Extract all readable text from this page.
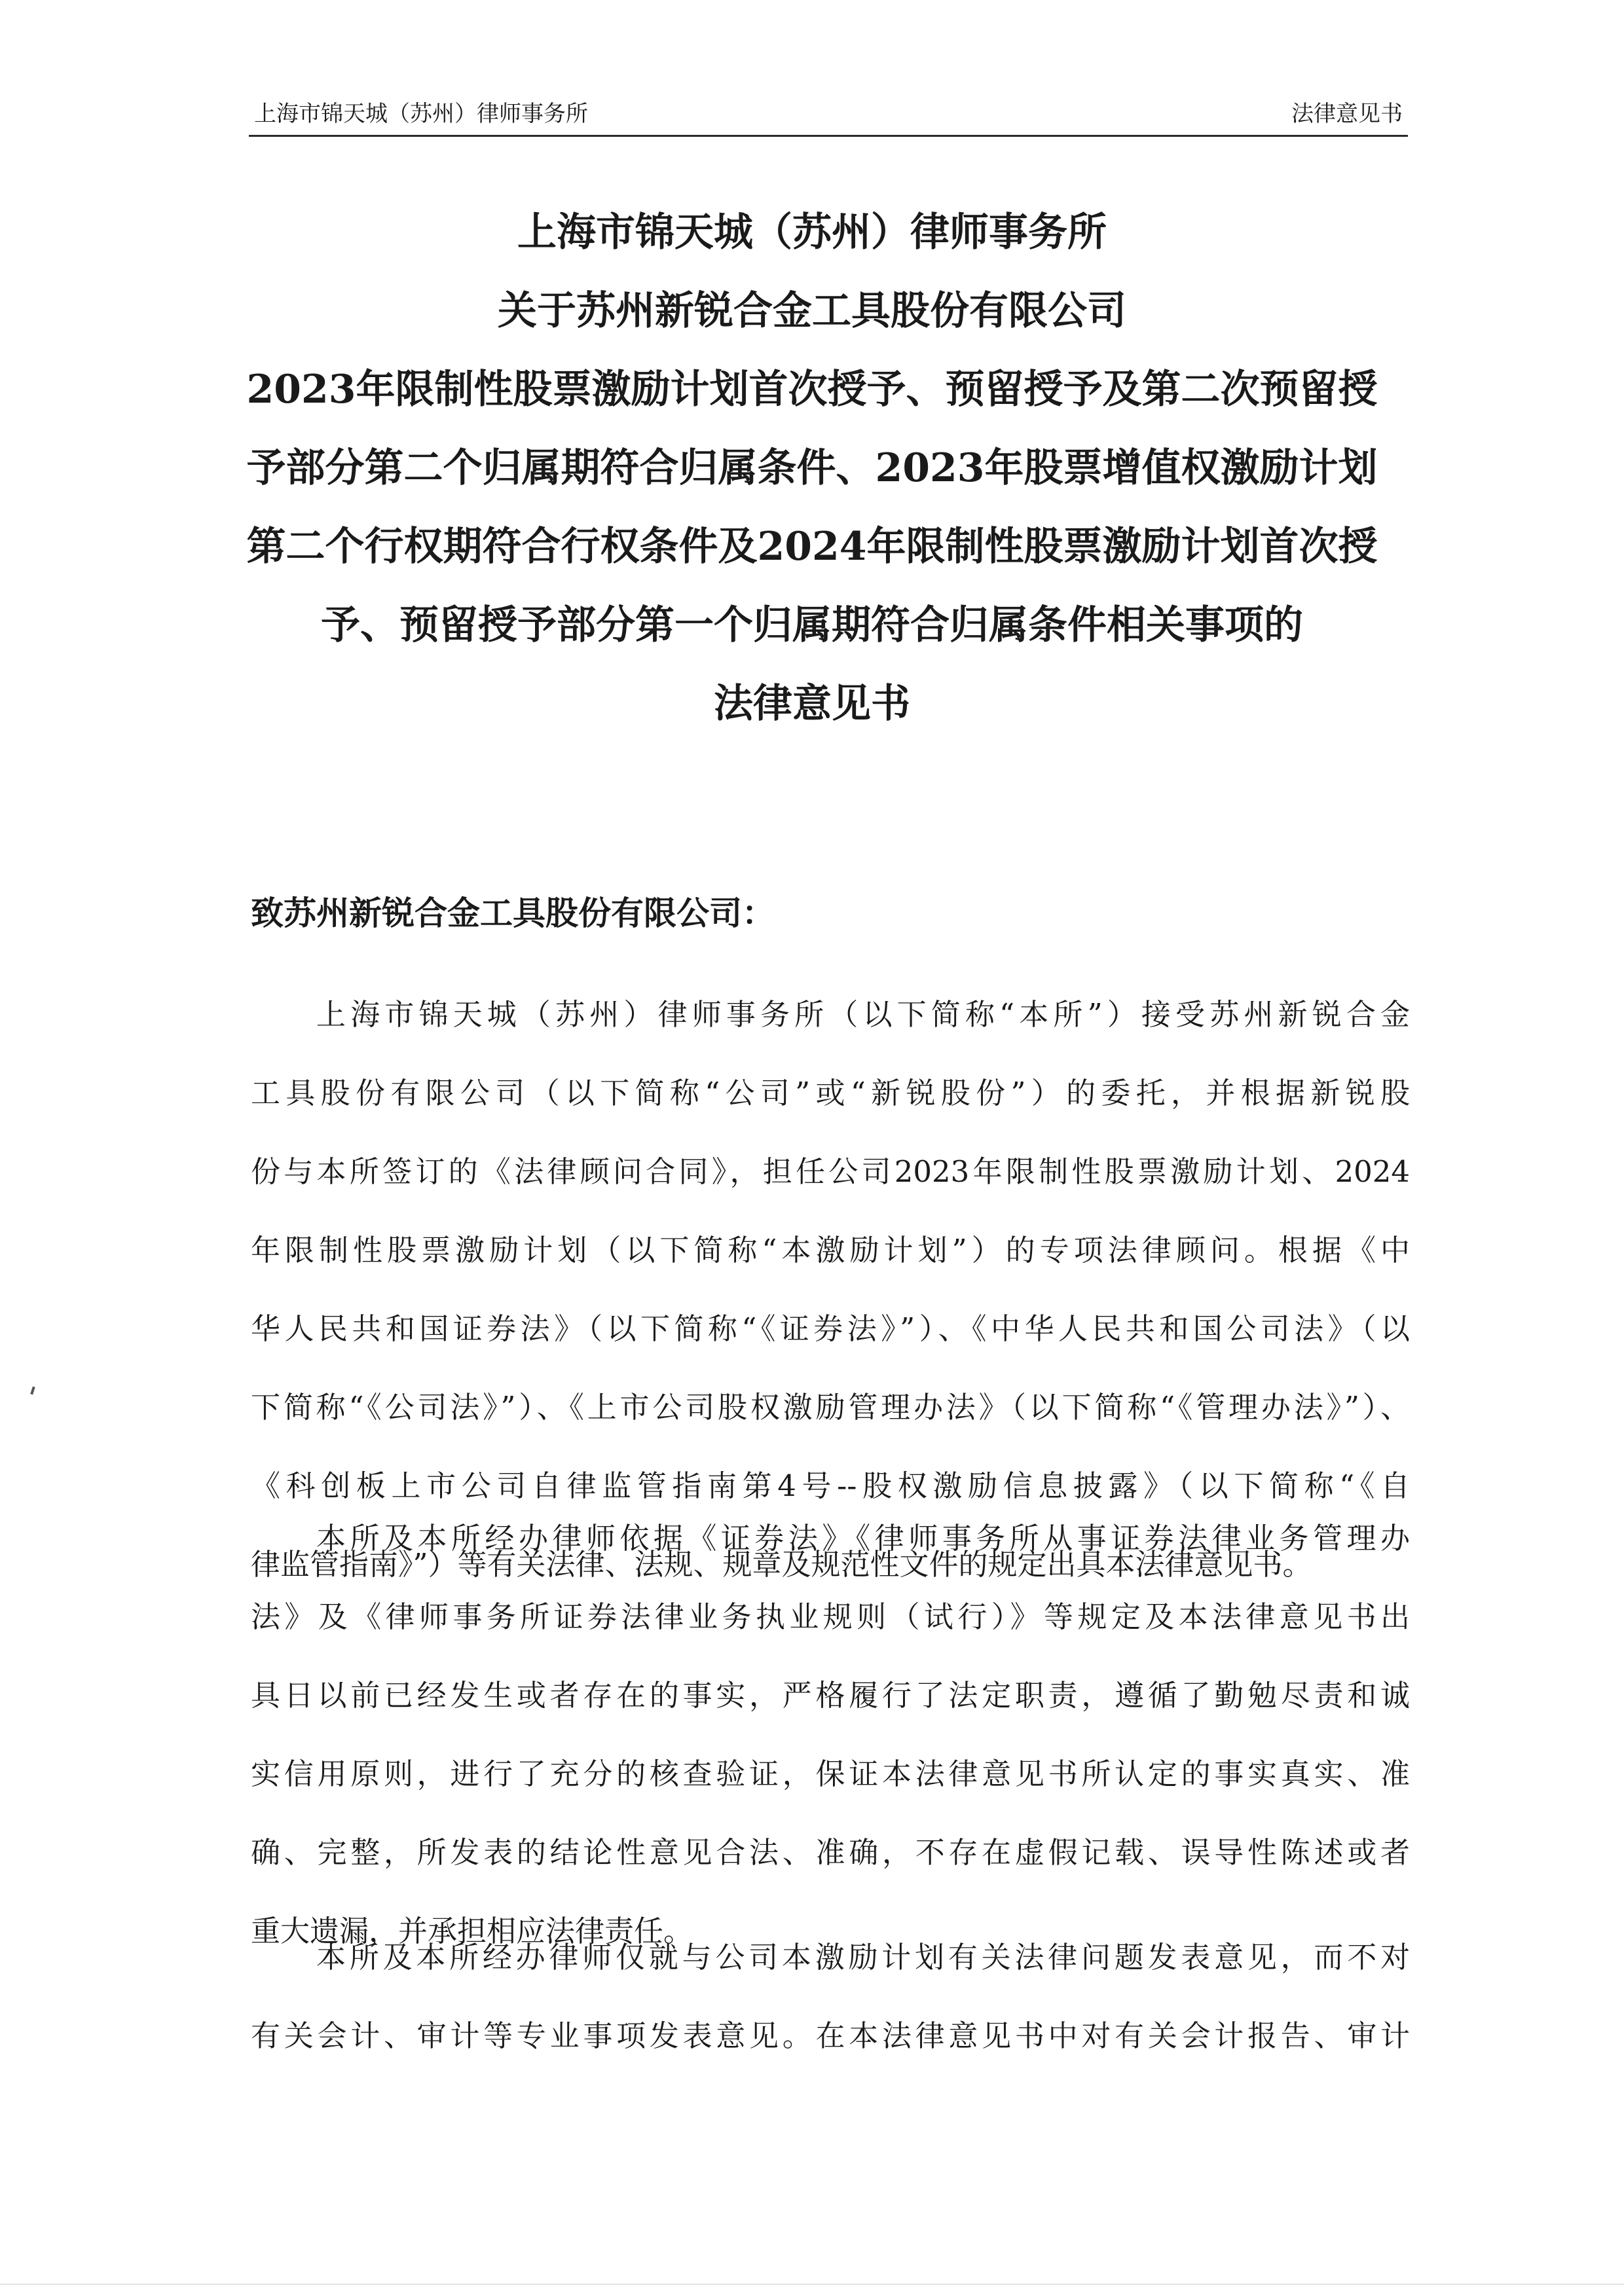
上海市锦天城（苏州）律师事务所	法律意见书
上海市锦天城（苏州）律师事务所
关于苏州新锐合金工具股份有限公司
2023年限制性股票激励计划首次授予、预留授予及第二次预留授
予部分第二个归属期符合归属条件、2023年股票增值权激励计划
第二个行权期符合行权条件及2024年限制性股票激励计划首次授
予、预留授予部分第一个归属期符合归属条件相关事项的
法律意见书
致苏州新锐合金工具股份有限公司：
上海市锦天城（苏州）律师事务所（以下简称“本所”）接受苏州新锐合金
工具股份有限公司（以下简称“公司”或“新锐股份”）的委托，并根据新锐股
份与本所签订的《法律顾问合同》，担任公司2023年限制性股票激励计划、2024
年限制性股票激励计划（以下简称“本激励计划”）的专项法律顾问。根据《中
华人民共和国证券法》（以下简称“《证券法》”）、《中华人民共和国公司法》（以
下简称“《公司法》”）、《上市公司股权激励管理办法》（以下简称“《管理办法》”）、
《科创板上市公司自律监管指南第4号--股权激励信息披露》（以下简称“《自
律监管指南》”）等有关法律、法规、规章及规范性文件的规定出具本法律意见书。
本所及本所经办律师依据《证券法》《律师事务所从事证券法律业务管理办
法》及《律师事务所证券法律业务执业规则（试行）》等规定及本法律意见书出
具日以前已经发生或者存在的事实，严格履行了法定职责，遵循了勤勉尽责和诚
实信用原则，进行了充分的核查验证，保证本法律意见书所认定的事实真实、准
确、完整，所发表的结论性意见合法、准确，不存在虚假记载、误导性陈述或者
重大遗漏，并承担相应法律责任。
本所及本所经办律师仅就与公司本激励计划有关法律问题发表意见，而不对
有关会计、审计等专业事项发表意见。在本法律意见书中对有关会计报告、审计
